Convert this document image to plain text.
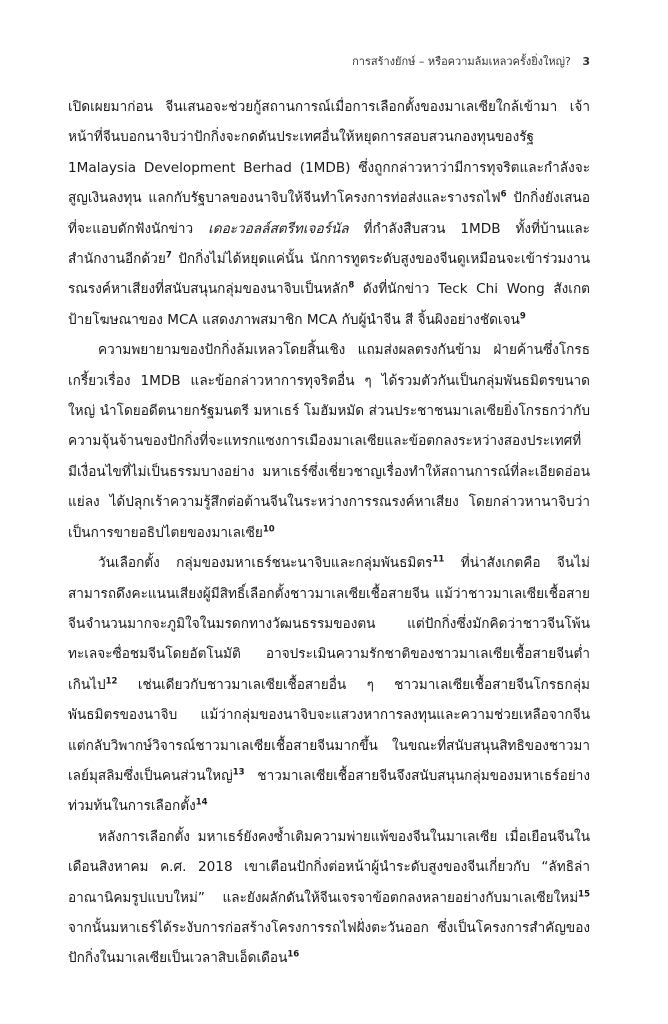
การสร้างยักษ์ – หรือความล้มเหลวครั้งยิ่งใหญ่? 3

เปิดเผยมาก่อน จีนเสนอจะช่วยกู้สถานการณ์เมื่อการเลือกตั้งของมาเลเซียใกล้เข้ามา เจ้าหน้าที่จีนบอกนาจิบว่าปักกิ่งจะกดดันประเทศอื่นให้หยุดการสอบสวนกองทุนของรัฐ 1Malaysia Development Berhad (1MDB) ซึ่งถูกกล่าวหาว่ามีการทุจริตและกำลังจะสูญเงินลงทุน แลกกับรัฐบาลของนาจิบให้จีนทำโครงการท่อส่งและรางรถไฟ$^6$ ปักกิ่งยังเสนอที่จะแอบดักฟังนักข่าว เดอะวอลล์สตรีทเจอร์นัล ที่กำลังสืบสวน 1MDB ทั้งที่บ้านและสำนักงานอีกด้วย$^7$ ปักกิ่งไม่ได้หยุดแค่นั้น นักการทูตระดับสูงของจีนดูเหมือนจะเข้าร่วมงานรณรงค์หาเสียงที่สนับสนุนกลุ่มของนาจิบเป็นหลัก$^8$ ดังที่นักข่าว Teck Chi Wong สังเกตป้ายโฆษณาของ MCA แสดงภาพสมาชิก MCA กับผู้นำจีน สี จิ้นผิงอย่างชัดเจน$^9$

ความพยายามของปักกิ่งล้มเหลวโดยสิ้นเชิง แถมส่งผลตรงกันข้าม ฝ่ายค้านซึ่งโกรธเกรี้ยวเรื่อง 1MDB และข้อกล่าวหาการทุจริตอื่น ๆ ได้รวมตัวกันเป็นกลุ่มพันธมิตรขนาดใหญ่ นำโดยอดีตนายกรัฐมนตรี มหาเธร์ โมฮัมหมัด ส่วนประชาชนมาเลเซียยิ่งโกรธกว่ากับความจุ้นจ้านของปักกิ่งที่จะแทรกแซงการเมืองมาเลเซียและข้อตกลงระหว่างสองประเทศที่มีเงื่อนไขที่ไม่เป็นธรรมบางอย่าง มหาเธร์ซึ่งเชี่ยวชาญเรื่องทำให้สถานการณ์ที่ละเอียดอ่อนแย่ลง ได้ปลุกเร้าความรู้สึกต่อต้านจีนในระหว่างการรณรงค์หาเสียง โดยกล่าวหานาจิบว่าเป็นการขายอธิปไตยของมาเลเซีย$^{10}$

วันเลือกตั้ง กลุ่มของมหาเธร์ชนะนาจิบและกลุ่มพันธมิตร$^{11}$ ที่น่าสังเกตคือ จีนไม่สามารถดึงคะแนนเสียงผู้มีสิทธิ์เลือกตั้งชาวมาเลเซียเชื้อสายจีน แม้ว่าชาวมาเลเซียเชื้อสายจีนจำนวนมากจะภูมิใจในมรดกทางวัฒนธรรมของตน แต่ปักกิ่งซึ่งมักคิดว่าชาวจีนโพ้นทะเลจะซื่อชมจีนโดยอัตโนมัติ อาจประเมินความรักชาติของชาวมาเลเซียเชื้อสายจีนต่ำเกินไป$^{12}$ เช่นเดียวกับชาวมาเลเซียเชื้อสายอื่น ๆ ชาวมาเลเซียเชื้อสายจีนโกรธกลุ่มพันธมิตรของนาจิบ แม้ว่ากลุ่มของนาจิบจะแสวงหาการลงทุนและความช่วยเหลือจากจีน แต่กลับวิพากษ์วิจารณ์ชาวมาเลเซียเชื้อสายจีนมากขึ้น ในขณะที่สนับสนุนสิทธิของชาวมาเลย์มุสลิมซึ่งเป็นคนส่วนใหญ่$^{13}$ ชาวมาเลเซียเชื้อสายจีนจึงสนับสนุนกลุ่มของมหาเธร์อย่างท่วมท้นในการเลือกตั้ง$^{14}$

หลังการเลือกตั้ง มหาเธร์ยังคงซ้ำเติมความพ่ายแพ้ของจีนในมาเลเซีย เมื่อเยือนจีนในเดือนสิงหาคม ค.ศ. 2018 เขาเตือนปักกิ่งต่อหน้าผู้นำระดับสูงของจีนเกี่ยวกับ “ลัทธิล่าอาณานิคมรูปแบบใหม่” และยังผลักดันให้จีนเจรจาข้อตกลงหลายอย่างกับมาเลเซียใหม่$^{15}$ จากนั้นมหาเธร์ได้ระงับการก่อสร้างโครงการรถไฟฝั่งตะวันออก ซึ่งเป็นโครงการสำคัญของปักกิ่งในมาเลเซียเป็นเวลาสิบเอ็ดเดือน$^{16}$
